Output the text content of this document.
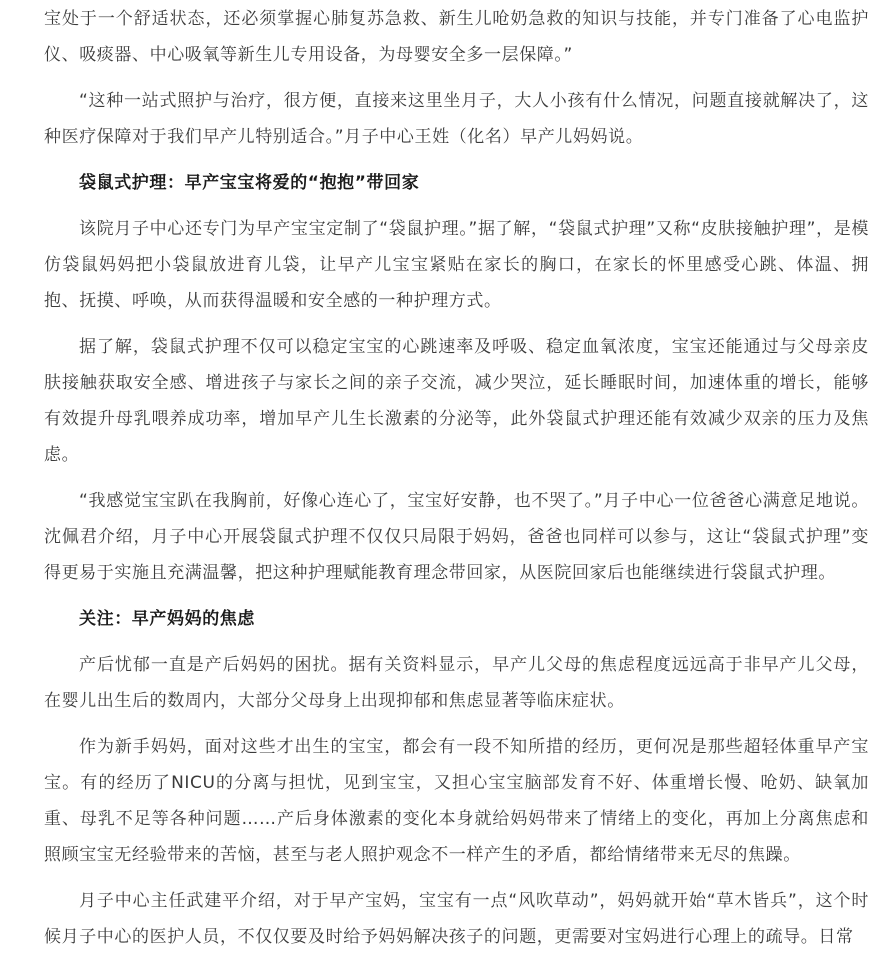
宝处于一个舒适状态，还必须掌握心肺复苏急救、新生儿呛奶急救的知识与技能，并专门准备了心电监护仪、吸痰器、中心吸氧等新生儿专用设备，为母婴安全多一层保障。”

“这种一站式照护与治疗，很方便，直接来这里坐月子，大人小孩有什么情况，问题直接就解决了，这种医疗保障对于我们早产儿特别适合。”月子中心王姓（化名）早产儿妈妈说。

袋鼠式护理：早产宝宝将爱的“抱抱”带回家

该院月子中心还专门为早产宝宝定制了“袋鼠护理。”据了解，“袋鼠式护理”又称“皮肤接触护理”，是模仿袋鼠妈妈把小袋鼠放进育儿袋，让早产儿宝宝紧贴在家长的胸口，在家长的怀里感受心跳、体温、拥抱、抚摸、呼唤，从而获得温暖和安全感的一种护理方式。

据了解，袋鼠式护理不仅可以稳定宝宝的心跳速率及呼吸、稳定血氧浓度，宝宝还能通过与父母亲皮肤接触获取安全感、增进孩子与家长之间的亲子交流，减少哭泣，延长睡眠时间，加速体重的增长，能够有效提升母乳喂养成功率，增加早产儿生长激素的分泌等，此外袋鼠式护理还能有效减少双亲的压力及焦虑。

“我感觉宝宝趴在我胸前，好像心连心了，宝宝好安静，也不哭了。”月子中心一位爸爸心满意足地说。沈佩君介绍，月子中心开展袋鼠式护理不仅仅只局限于妈妈，爸爸也同样可以参与，这让“袋鼠式护理”变得更易于实施且充满温馨，把这种护理赋能教育理念带回家，从医院回家后也能继续进行袋鼠式护理。

关注：早产妈妈的焦虑

产后忧郁一直是产后妈妈的困扰。据有关资料显示，早产儿父母的焦虑程度远远高于非早产儿父母，在婴儿出生后的数周内，大部分父母身上出现抑郁和焦虑显著等临床症状。

作为新手妈妈，面对这些才出生的宝宝，都会有一段不知所措的经历，更何况是那些超轻体重早产宝宝。有的经历了NICU的分离与担忧，见到宝宝，又担心宝宝脑部发育不好、体重增长慢、呛奶、缺氧加重、母乳不足等各种问题……产后身体激素的变化本身就给妈妈带来了情绪上的变化，再加上分离焦虑和照顾宝宝无经验带来的苦恼，甚至与老人照护观念不一样产生的矛盾，都给情绪带来无尽的焦躁。

月子中心主任武建平介绍，对于早产宝妈，宝宝有一点“风吹草动”，妈妈就开始“草木皆兵”，这个时候月子中心的医护人员，不仅仅要及时给予妈妈解决孩子的问题，更需要对宝妈进行心理上的疏导。日常
